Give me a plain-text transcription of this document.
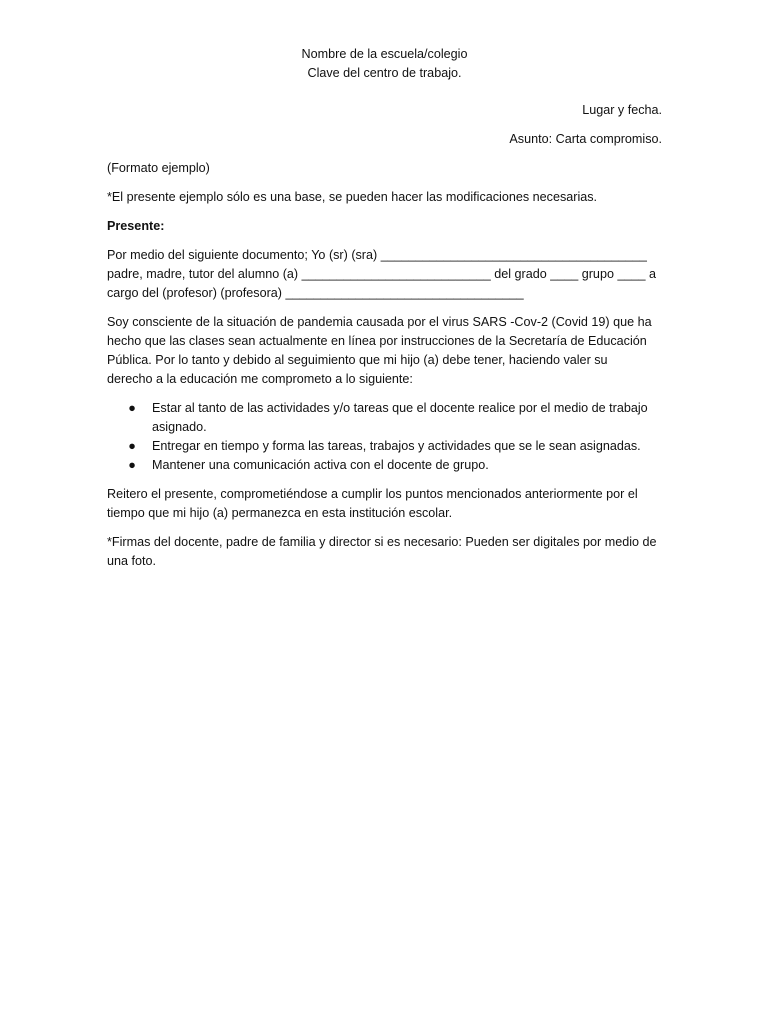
Nombre de la escuela/colegio
Clave del centro de trabajo.
Lugar y fecha.
Asunto: Carta compromiso.
(Formato ejemplo)
*El presente ejemplo sólo es una base, se pueden hacer las modificaciones necesarias.
Presente:
Por medio del siguiente documento; Yo (sr) (sra) ______________________________________
padre, madre, tutor del alumno (a) ___________________________ del grado ____ grupo ____ a
cargo del (profesor) (profesora) __________________________________
Soy consciente de la situación de pandemia causada por el virus SARS -Cov-2 (Covid 19) que ha
hecho que las clases sean actualmente en línea por instrucciones de la Secretaría de Educación
Pública. Por lo tanto y debido al seguimiento que mi hijo (a) debe tener, haciendo valer su
derecho a la educación me comprometo a lo siguiente:
● Estar al tanto de las actividades y/o tareas que el docente realice por el medio de trabajo
asignado.
● Entregar en tiempo y forma las tareas, trabajos y actividades que se le sean asignadas.
● Mantener una comunicación activa con el docente de grupo.
Reitero el presente, comprometiéndose a cumplir los puntos mencionados anteriormente por el
tiempo que mi hijo (a) permanezca en esta institución escolar.
*Firmas del docente, padre de familia y director si es necesario: Pueden ser digitales por medio de
una foto.
